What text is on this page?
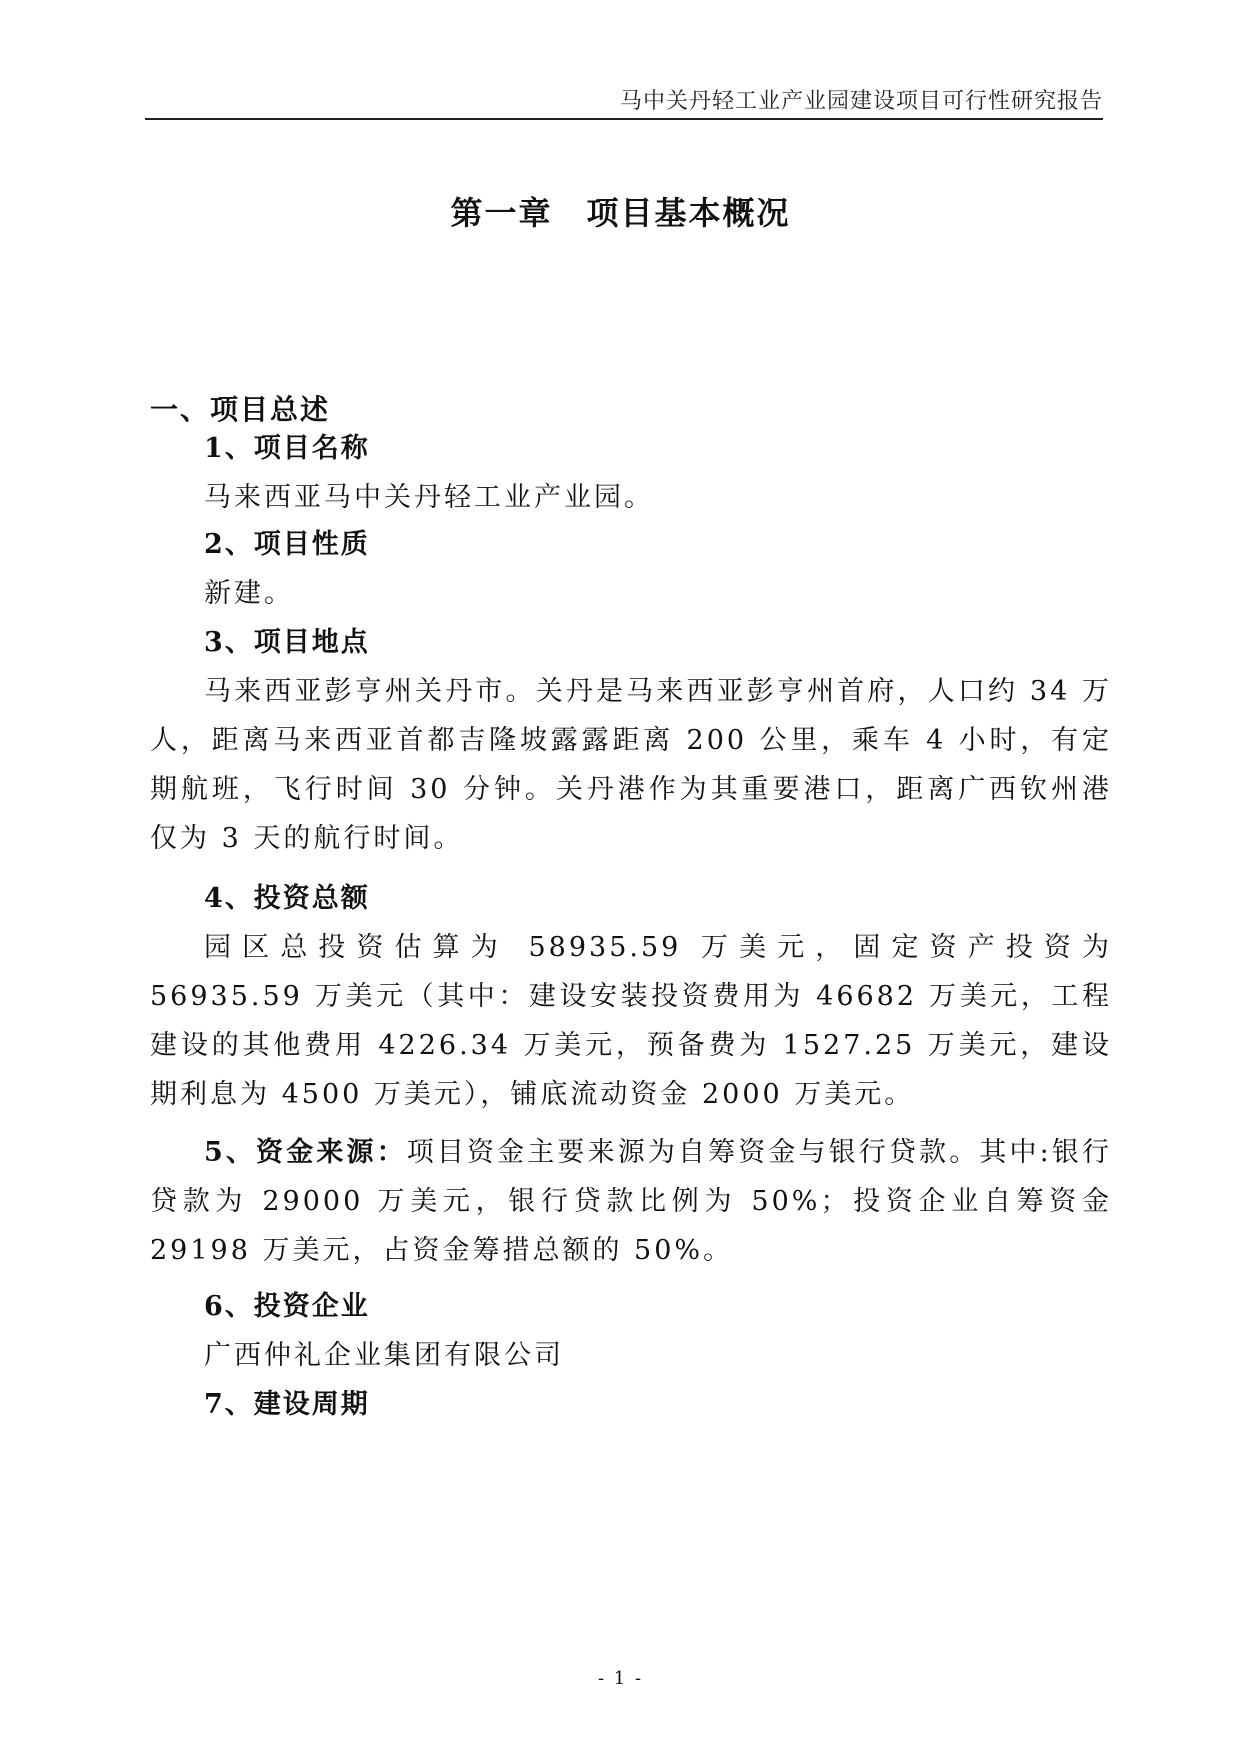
马中关丹轻工业产业园建设项目可行性研究报告
第一章 项目基本概况
一、项目总述
1、项目名称
马来西亚马中关丹轻工业产业园。
2、项目性质
新建。
3、项目地点
马来西亚彭亨州关丹市。关丹是马来西亚彭亨州首府，人口约 34 万人，距离马来西亚首都吉隆坡露露距离 200 公里，乘车 4 小时，有定期航班，飞行时间 30 分钟。关丹港作为其重要港口，距离广西钦州港仅为 3 天的航行时间。
4、投资总额
园区总投资估算为 58935.59 万美元，固定资产投资为 56935.59 万美元（其中：建设安装投资费用为 46682 万美元，工程建设的其他费用 4226.34 万美元，预备费为 1527.25 万美元，建设期利息为 4500 万美元），铺底流动资金 2000 万美元。
5、资金来源：项目资金主要来源为自筹资金与银行贷款。其中:银行贷款为 29000 万美元，银行贷款比例为 50%；投资企业自筹资金 29198 万美元，占资金筹措总额的 50%。
6、投资企业
广西仲礼企业集团有限公司
7、建设周期
- 1 -
